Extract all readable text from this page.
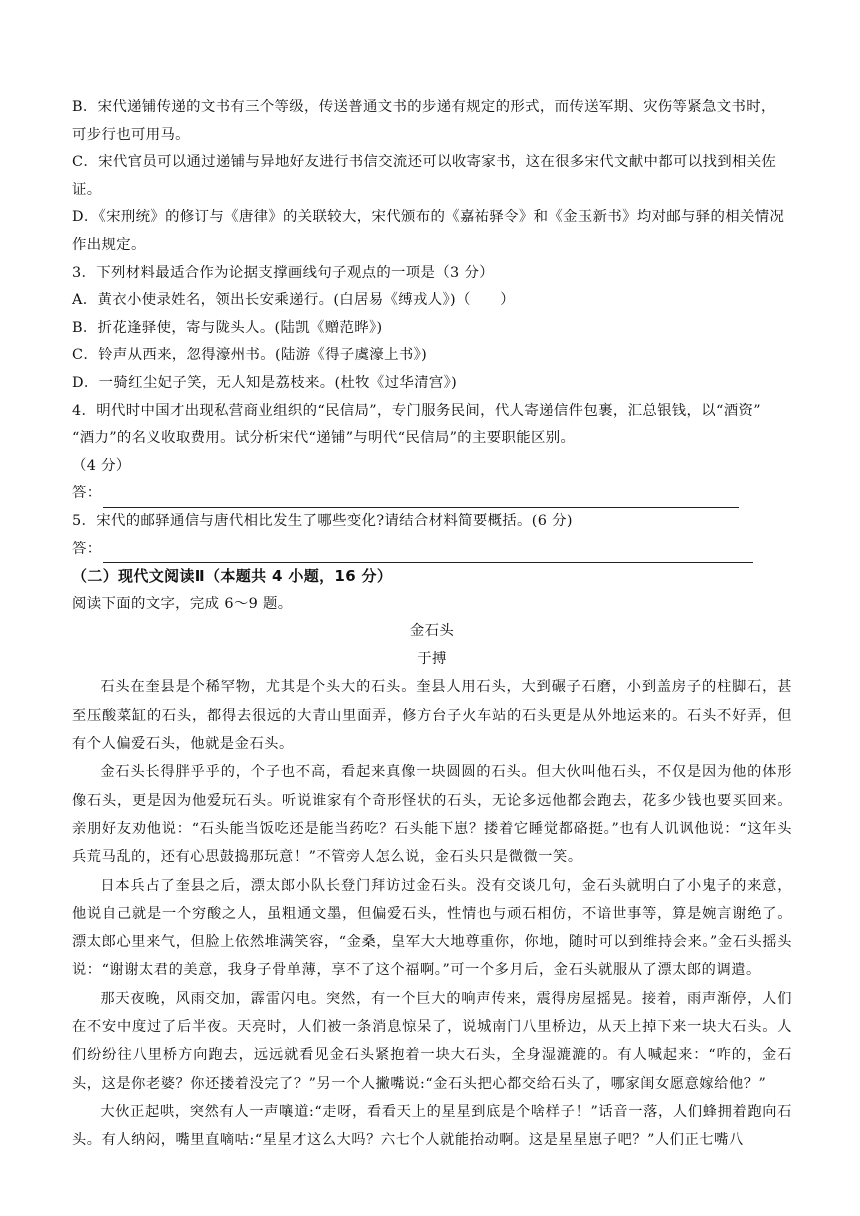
B．宋代递铺传递的文书有三个等级，传送普通文书的步递有规定的形式，而传送军期、灾伤等紧急文书时，
可步行也可用马。
C．宋代官员可以通过递铺与异地好友进行书信交流还可以收寄家书，这在很多宋代文献中都可以找到相关佐
证。
D．《宋刑统》的修订与《唐律》的关联较大，宋代颁布的《嘉祐驿令》和《金玉新书》均对邮与驿的相关情况
作出规定。
3．下列材料最适合作为论据支撑画线句子观点的一项是（3 分）
A．黄衣小使录姓名，领出长安乘递行。(白居易《缚戎人》)（　　）
B．折花逢驿使，寄与陇头人。(陆凯《赠范晔》)
C．铃声从西来，忽得濠州书。(陆游《得子虞濠上书》)
D．一骑红尘妃子笑，无人知是荔枝来。(杜牧《过华清宫》)
4．明代时中国才出现私营商业组织的“民信局”，专门服务民间，代人寄递信件包裹，汇总银钱，以“酒资”
“酒力”的名义收取费用。试分析宋代“递铺”与明代“民信局”的主要职能区别。
（4 分）
答：
5．宋代的邮驿通信与唐代相比发生了哪些变化?请结合材料简要概括。(6 分)
答：
（二）现代文阅读Ⅱ（本题共 4 小题，16 分）
阅读下面的文字，完成 6～9 题。
金石头
于搏
石头在奎县是个稀罕物，尤其是个头大的石头。奎县人用石头，大到碾子石磨，小到盖房子的柱脚石，甚至压酸菜缸的石头，都得去很远的大青山里面弄，修方台子火车站的石头更是从外地运来的。石头不好弄，但有个人偏爱石头，他就是金石头。
金石头长得胖乎乎的，个子也不高，看起来真像一块圆圆的石头。但大伙叫他石头，不仅是因为他的体形像石头，更是因为他爱玩石头。听说谁家有个奇形怪状的石头，无论多远他都会跑去，花多少钱也要买回来。亲朋好友劝他说：“石头能当饭吃还是能当药吃？石头能下崽？搂着它睡觉都硌挺。”也有人讥讽他说：“这年头兵荒马乱的，还有心思鼓捣那玩意！”不管旁人怎么说，金石头只是微微一笑。
日本兵占了奎县之后，漂太郎小队长登门拜访过金石头。没有交谈几句，金石头就明白了小鬼子的来意，他说自己就是一个穷酸之人，虽粗通文墨，但偏爱石头，性情也与顽石相仿，不谙世事等，算是婉言谢绝了。漂太郎心里来气，但脸上依然堆满笑容，“金桑，皇军大大地尊重你，你地，随时可以到维持会来。”金石头摇头说：“谢谢太君的美意，我身子骨单薄，享不了这个福啊。”可一个多月后，金石头就服从了漂太郎的调遣。
那天夜晚，风雨交加，霹雷闪电。突然，有一个巨大的响声传来，震得房屋摇晃。接着，雨声渐停，人们在不安中度过了后半夜。天亮时，人们被一条消息惊呆了，说城南门八里桥边，从天上掉下来一块大石头。人们纷纷往八里桥方向跑去，远远就看见金石头紧抱着一块大石头，全身湿漉漉的。有人喊起来：“咋的，金石头，这是你老婆？你还搂着没完了？”另一个人撇嘴说:“金石头把心都交给石头了，哪家闺女愿意嫁给他？”
大伙正起哄，突然有人一声嚷道:“走呀，看看天上的星星到底是个啥样子！”话音一落，人们蜂拥着跑向石头。有人纳闷，嘴里直嘀咕:“星星才这么大吗？六七个人就能抬动啊。这是星星崽子吧？”人们正七嘴八
